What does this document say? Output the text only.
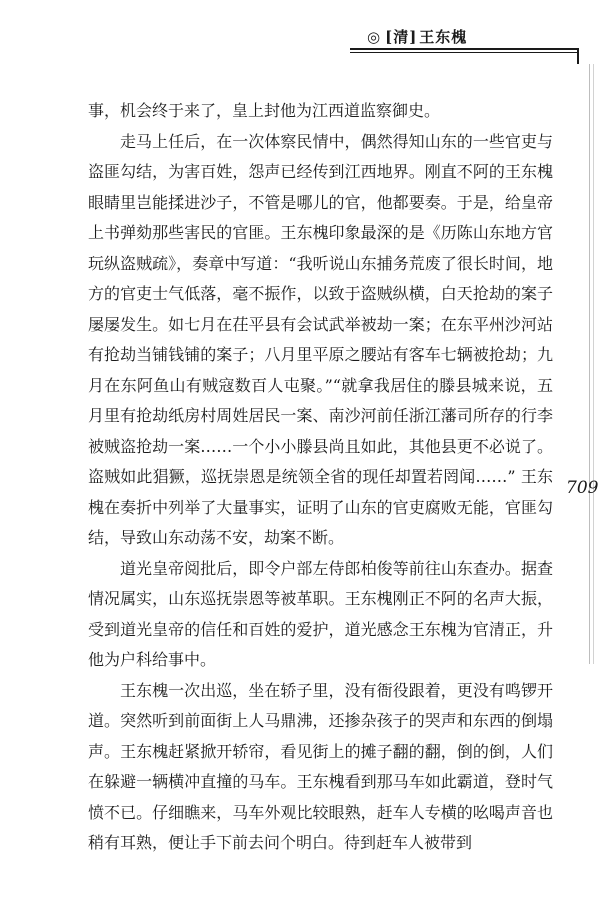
◎ [清] 王东槐
709

事，机会终于来了，皇上封他为江西道监察御史。

走马上任后，在一次体察民情中，偶然得知山东的一些官吏与盗匪勾结，为害百姓，怨声已经传到江西地界。刚直不阿的王东槐眼睛里岂能揉进沙子，不管是哪儿的官，他都要奏。于是，给皇帝上书弹劾那些害民的官匪。王东槐印象最深的是《历陈山东地方官玩纵盗贼疏》，奏章中写道：“我听说山东捕务荒废了很长时间，地方的官吏士气低落，毫不振作，以致于盗贼纵横，白天抢劫的案子屡屡发生。如七月在茌平县有会试武举被劫一案；在东平州沙河站有抢劫当铺钱铺的案子；八月里平原之腰站有客车七辆被抢劫；九月在东阿鱼山有贼寇数百人屯聚。”“就拿我居住的滕县城来说，五月里有抢劫纸房村周姓居民一案、南沙河前任浙江藩司所存的行李被贼盗抢劫一案……一个小小滕县尚且如此，其他县更不必说了。盗贼如此猖獗，巡抚崇恩是统领全省的现任却置若罔闻……” 王东槐在奏折中列举了大量事实，证明了山东的官吏腐败无能，官匪勾结，导致山东动荡不安，劫案不断。

道光皇帝阅批后，即令户部左侍郎柏俊等前往山东查办。据查情况属实，山东巡抚崇恩等被革职。王东槐刚正不阿的名声大振，受到道光皇帝的信任和百姓的爱护，道光感念王东槐为官清正，升他为户科给事中。

王东槐一次出巡，坐在轿子里，没有衙役跟着，更没有鸣锣开道。突然听到前面街上人马鼎沸，还掺杂孩子的哭声和东西的倒塌声。王东槐赶紧掀开轿帘，看见街上的摊子翻的翻，倒的倒，人们在躲避一辆横冲直撞的马车。王东槐看到那马车如此霸道，登时气愤不已。仔细瞧来，马车外观比较眼熟，赶车人专横的吆喝声音也稍有耳熟，便让手下前去问个明白。待到赶车人被带到
